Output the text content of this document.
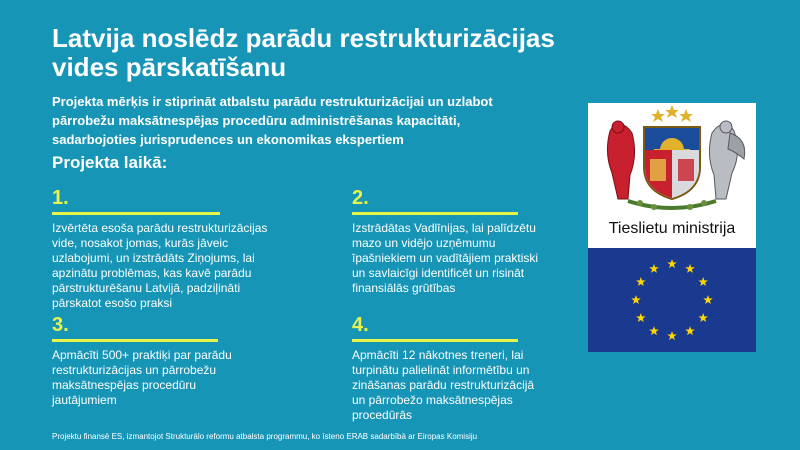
Latvija noslēdz parādu restrukturizācijas vides pārskatīšanu

Projekta mērķis ir stiprināt atbalstu parādu restrukturizācijai un uzlabot pārrobežu maksātnespējas procedūru administrēšanas kapacitāti, sadarbojoties jurisprudences un ekonomikas ekspertiem

Projekta laikā:

1.
Izvērtēta esoša parādu restrukturizācijas vide, nosakot jomas, kurās jāveic uzlabojumi, un izstrādāts Ziņojums, lai apzinātu problēmas, kas kavē parādu pārstrukturēšanu Latvijā, padziļināti pārskatot esošo praksi
2.
Izstrādātas Vadlīnijas, lai palīdzētu mazo un vidējo uzņēmumu īpašniekiem un vadītājiem praktiski un savlaicīgi identificēt un risināt finansiālās grūtības
3.
Apmācīti 500+ praktiķi par parādu restrukturizācijas un pārrobežu maksātnespējas procedūru jautājumiem
4.
Apmācīti 12 nākotnes treneri, lai turpinātu palielināt informētību un zināšanas parādu restrukturizācijā un pārrobežo maksātnespējas procedūrās

Projektu finansē ES, izmantojot Strukturālo reformu atbalsta programmu, ko īsteno ERAB sadarbībā ar Eiropas Komisiju

Tieslietu ministrija
